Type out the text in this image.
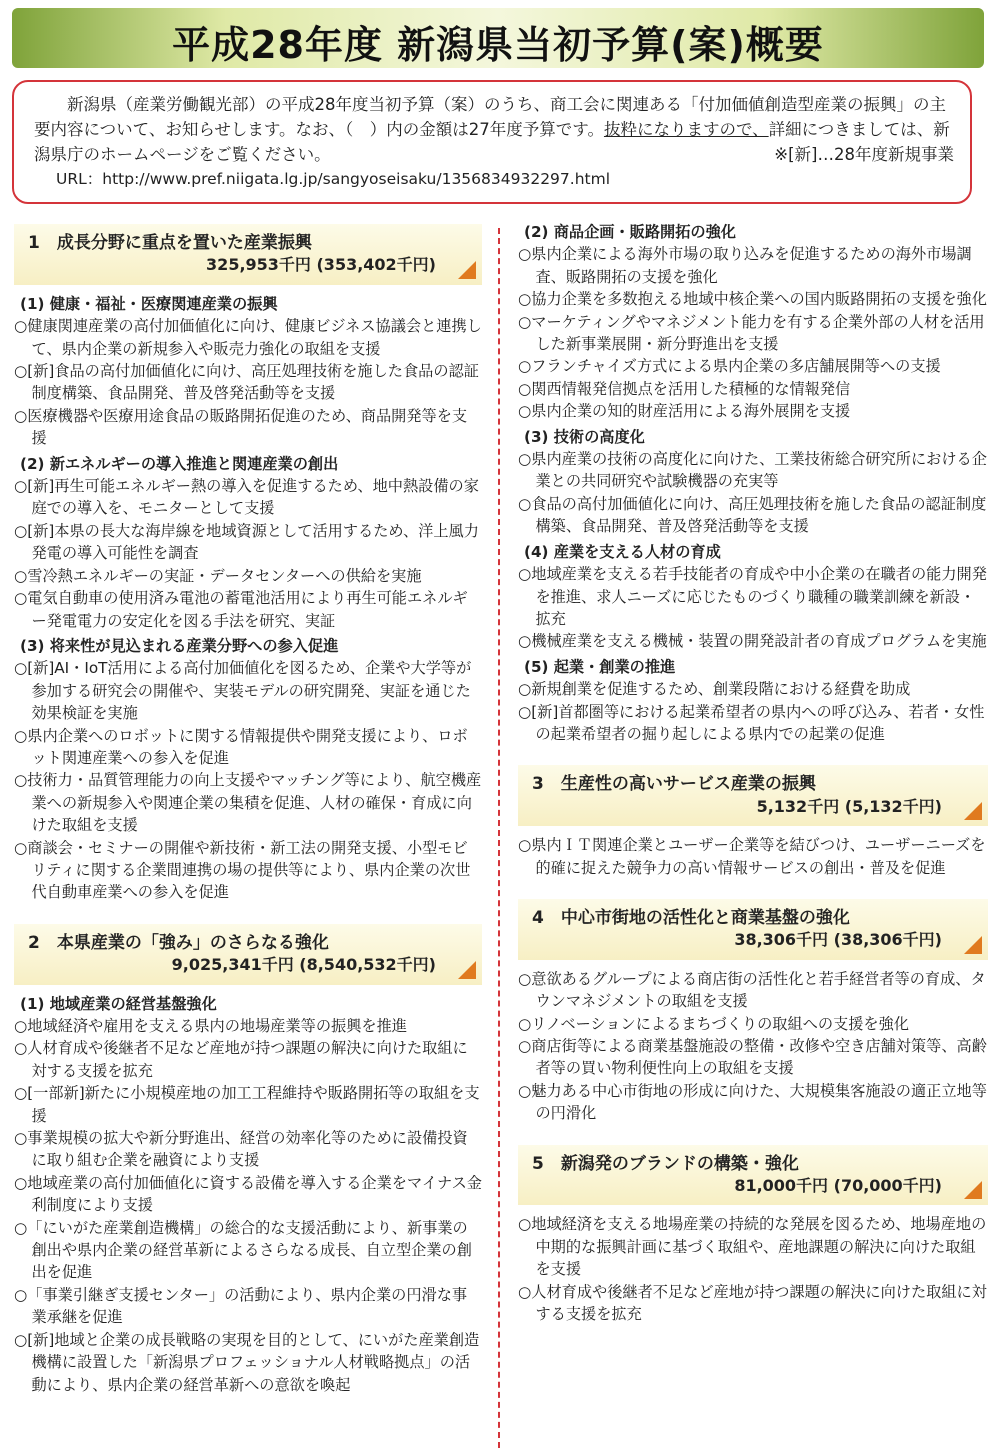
平成28年度 新潟県当初予算(案)概要

新潟県（産業労働観光部）の平成28年度当初予算（案）のうち、商工会に関連ある「付加価値創造型産業の振興」の主要内容について、お知らせします。なお、（　）内の金額は27年度予算です。抜粋になりますので、詳細につきましては、新潟県庁のホームページをご覧ください。　	※[新]…28年度新規事業

URL：http://www.pref.niigata.lg.jp/sangyoseisaku/1356834932297.html
1　成長分野に重点を置いた産業振興
325,953千円 (353,402千円)
(1) 健康・福祉・医療関連産業の振興
○健康関連産業の高付加価値化に向け、健康ビジネス協議会と連携して、県内企業の新規参入や販売力強化の取組を支援
○[新]食品の高付加価値化に向け、高圧処理技術を施した食品の認証制度構築、食品開発、普及啓発活動等を支援
○医療機器や医療用途食品の販路開拓促進のため、商品開発等を支援
(2) 新エネルギーの導入推進と関連産業の創出
○[新]再生可能エネルギー熱の導入を促進するため、地中熱設備の家庭での導入を、モニターとして支援
○[新]本県の長大な海岸線を地域資源として活用するため、洋上風力発電の導入可能性を調査
○雪冷熱エネルギーの実証・データセンターへの供給を実施
○電気自動車の使用済み電池の蓄電池活用により再生可能エネルギー発電電力の安定化を図る手法を研究、実証
(3) 将来性が見込まれる産業分野への参入促進
○[新]AI・IoT活用による高付加価値化を図るため、企業や大学等が参加する研究会の開催や、実装モデルの研究開発、実証を通じた効果検証を実施
○県内企業へのロボットに関する情報提供や開発支援により、ロボット関連産業への参入を促進
○技術力・品質管理能力の向上支援やマッチング等により、航空機産業への新規参入や関連企業の集積を促進、人材の確保・育成に向けた取組を支援
○商談会・セミナーの開催や新技術・新工法の開発支援、小型モビリティに関する企業間連携の場の提供等により、県内企業の次世代自動車産業への参入を促進
2　本県産業の「強み」のさらなる強化
9,025,341千円 (8,540,532千円)
(1) 地域産業の経営基盤強化
○地域経済や雇用を支える県内の地場産業等の振興を推進
○人材育成や後継者不足など産地が持つ課題の解決に向けた取組に対する支援を拡充
○[一部新]新たに小規模産地の加工工程維持や販路開拓等の取組を支援
○事業規模の拡大や新分野進出、経営の効率化等のために設備投資に取り組む企業を融資により支援
○地域産業の高付加価値化に資する設備を導入する企業をマイナス金利制度により支援
○「にいがた産業創造機構」の総合的な支援活動により、新事業の創出や県内企業の経営革新によるさらなる成長、自立型企業の創出を促進
○「事業引継ぎ支援センター」の活動により、県内企業の円滑な事業承継を促進
○[新]地域と企業の成長戦略の実現を目的として、にいがた産業創造機構に設置した「新潟県プロフェッショナル人材戦略拠点」の活動により、県内企業の経営革新への意欲を喚起
(2) 商品企画・販路開拓の強化
○県内企業による海外市場の取り込みを促進するための海外市場調査、販路開拓の支援を強化
○協力企業を多数抱える地域中核企業への国内販路開拓の支援を強化
○マーケティングやマネジメント能力を有する企業外部の人材を活用した新事業展開・新分野進出を支援
○フランチャイズ方式による県内企業の多店舗展開等への支援
○関西情報発信拠点を活用した積極的な情報発信
○県内企業の知的財産活用による海外展開を支援
(3) 技術の高度化
○県内産業の技術の高度化に向けた、工業技術総合研究所における企業との共同研究や試験機器の充実等
○食品の高付加価値化に向け、高圧処理技術を施した食品の認証制度構築、食品開発、普及啓発活動等を支援
(4) 産業を支える人材の育成
○地域産業を支える若手技能者の育成や中小企業の在職者の能力開発を推進、求人ニーズに応じたものづくり職種の職業訓練を新設・拡充
○機械産業を支える機械・装置の開発設計者の育成プログラムを実施
(5) 起業・創業の推進
○新規創業を促進するため、創業段階における経費を助成
○[新]首都圏等における起業希望者の県内への呼び込み、若者・女性の起業希望者の掘り起しによる県内での起業の促進
3　生産性の高いサービス産業の振興
5,132千円 (5,132千円)
○県内ＩＴ関連企業とユーザー企業等を結びつけ、ユーザーニーズを的確に捉えた競争力の高い情報サービスの創出・普及を促進
4　中心市街地の活性化と商業基盤の強化
38,306千円 (38,306千円)
○意欲あるグループによる商店街の活性化と若手経営者等の育成、タウンマネジメントの取組を支援
○リノベーションによるまちづくりの取組への支援を強化
○商店街等による商業基盤施設の整備・改修や空き店舗対策等、高齢者等の買い物利便性向上の取組を支援
○魅力ある中心市街地の形成に向けた、大規模集客施設の適正立地等の円滑化
5　新潟発のブランドの構築・強化
81,000千円 (70,000千円)
○地域経済を支える地場産業の持続的な発展を図るため、地場産地の中期的な振興計画に基づく取組や、産地課題の解決に向けた取組を支援
○人材育成や後継者不足など産地が持つ課題の解決に向けた取組に対する支援を拡充
